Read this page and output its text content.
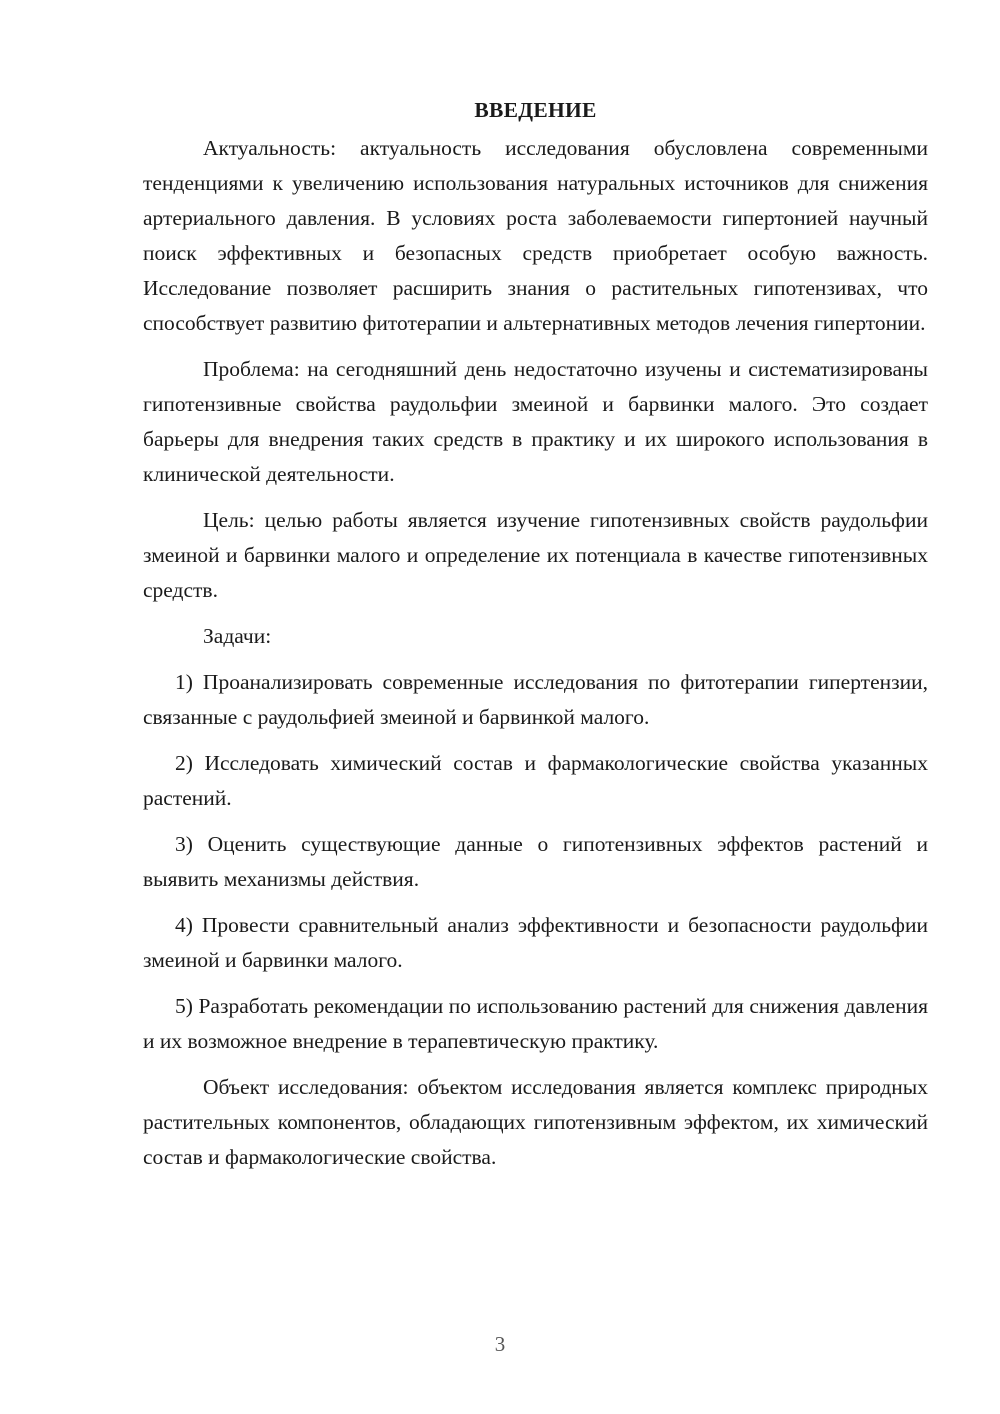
ВВЕДЕНИЕ

Актуальность: актуальность исследования обусловлена современными тенденциями к увеличению использования натуральных источников для снижения артериального давления. В условиях роста заболеваемости гипертонией научный поиск эффективных и безопасных средств приобретает особую важность. Исследование позволяет расширить знания о растительных гипотензивах, что способствует развитию фитотерапии и альтернативных методов лечения гипертонии.

Проблема: на сегодняшний день недостаточно изучены и систематизированы гипотензивные свойства раудольфии змеиной и барвинки малого. Это создает барьеры для внедрения таких средств в практику и их широкого использования в клинической деятельности.

Цель: целью работы является изучение гипотензивных свойств раудольфии змеиной и барвинки малого и определение их потенциала в качестве гипотензивных средств.

Задачи:

1) Проанализировать современные исследования по фитотерапии гипертензии, связанные с раудольфией змеиной и барвинкой малого.

2) Исследовать химический состав и фармакологические свойства указанных растений.

3) Оценить существующие данные о гипотензивных эффектов растений и выявить механизмы действия.

4) Провести сравнительный анализ эффективности и безопасности раудольфии змеиной и барвинки малого.

5) Разработать рекомендации по использованию растений для снижения давления и их возможное внедрение в терапевтическую практику.

Объект исследования: объектом исследования является комплекс природных растительных компонентов, обладающих гипотензивным эффектом, их химический состав и фармакологические свойства.

3
